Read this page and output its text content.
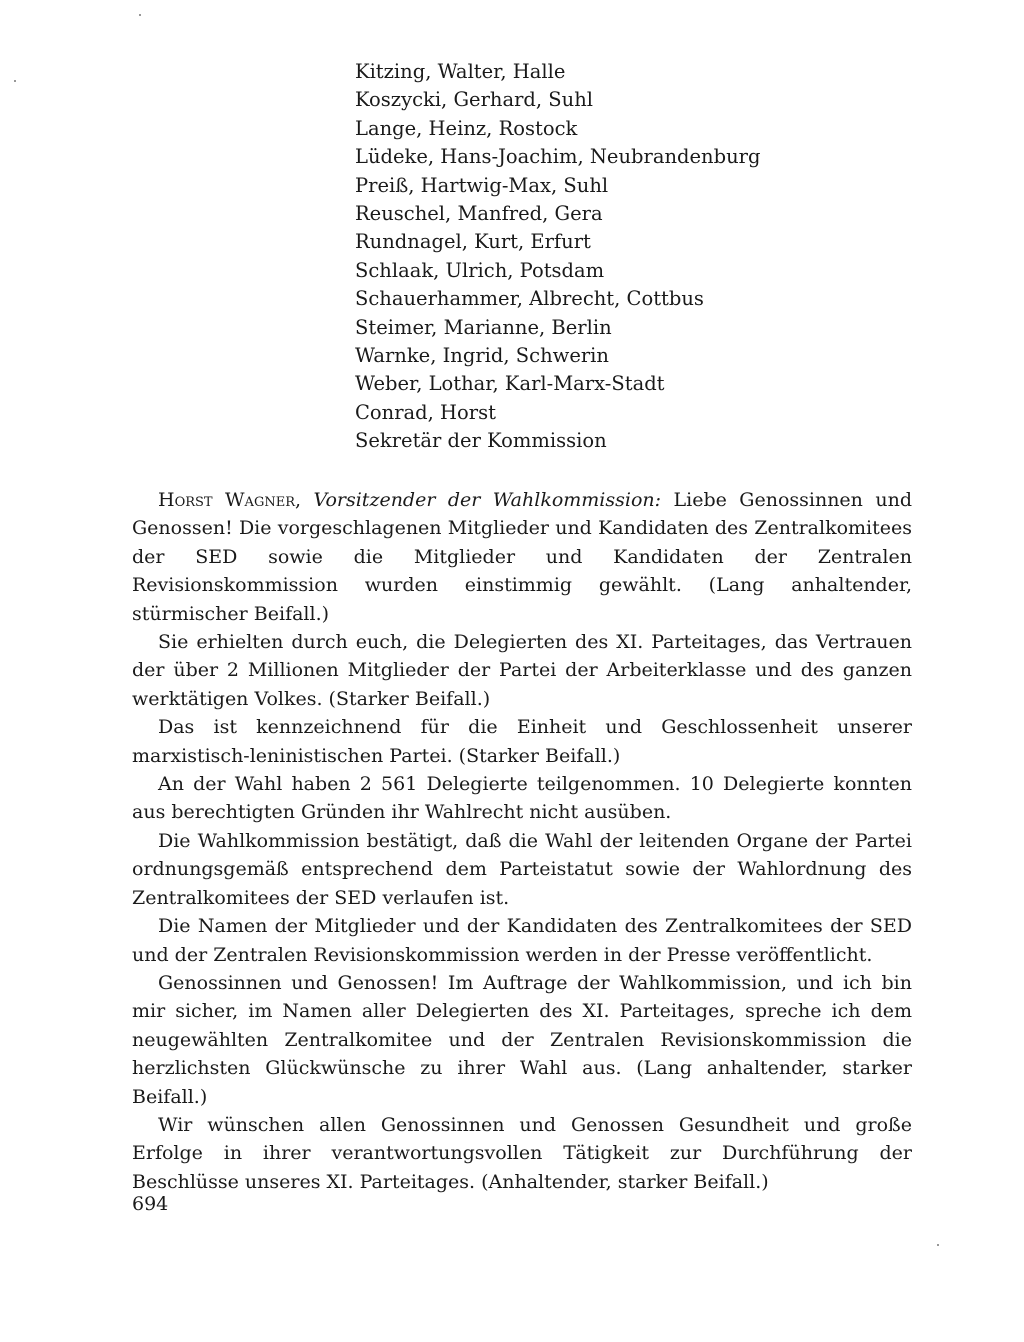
Kitzing, Walter, Halle
Koszycki, Gerhard, Suhl
Lange, Heinz, Rostock
Lüdeke, Hans-Joachim, Neubrandenburg
Preiß, Hartwig-Max, Suhl
Reuschel, Manfred, Gera
Rundnagel, Kurt, Erfurt
Schlaak, Ulrich, Potsdam
Schauerhammer, Albrecht, Cottbus
Steimer, Marianne, Berlin
Warnke, Ingrid, Schwerin
Weber, Lothar, Karl-Marx-Stadt
Conrad, Horst
Sekretär der Kommission

Horst Wagner, Vorsitzender der Wahlkommission: Liebe Genossinnen und Genossen! Die vorgeschlagenen Mitglieder und Kandidaten des Zentralkomitees der SED sowie die Mitglieder und Kandidaten der Zentralen Revisionskommission wurden einstimmig gewählt. (Lang anhaltender, stürmischer Beifall.)

Sie erhielten durch euch, die Delegierten des XI. Parteitages, das Vertrauen der über 2 Millionen Mitglieder der Partei der Arbeiterklasse und des ganzen werktätigen Volkes. (Starker Beifall.)

Das ist kennzeichnend für die Einheit und Geschlossenheit unserer marxistisch-leninistischen Partei. (Starker Beifall.)

An der Wahl haben 2 561 Delegierte teilgenommen. 10 Delegierte konnten aus berechtigten Gründen ihr Wahlrecht nicht ausüben.

Die Wahlkommission bestätigt, daß die Wahl der leitenden Organe der Partei ordnungsgemäß entsprechend dem Parteistatut sowie der Wahlordnung des Zentralkomitees der SED verlaufen ist.

Die Namen der Mitglieder und der Kandidaten des Zentralkomitees der SED und der Zentralen Revisionskommission werden in der Presse veröffentlicht.

Genossinnen und Genossen! Im Auftrage der Wahlkommission, und ich bin mir sicher, im Namen aller Delegierten des XI. Parteitages, spreche ich dem neugewählten Zentralkomitee und der Zentralen Revisionskommission die herzlichsten Glückwünsche zu ihrer Wahl aus. (Lang anhaltender, starker Beifall.)

Wir wünschen allen Genossinnen und Genossen Gesundheit und große Erfolge in ihrer verantwortungsvollen Tätigkeit zur Durchführung der Beschlüsse unseres XI. Parteitages. (Anhaltender, starker Beifall.)

694
